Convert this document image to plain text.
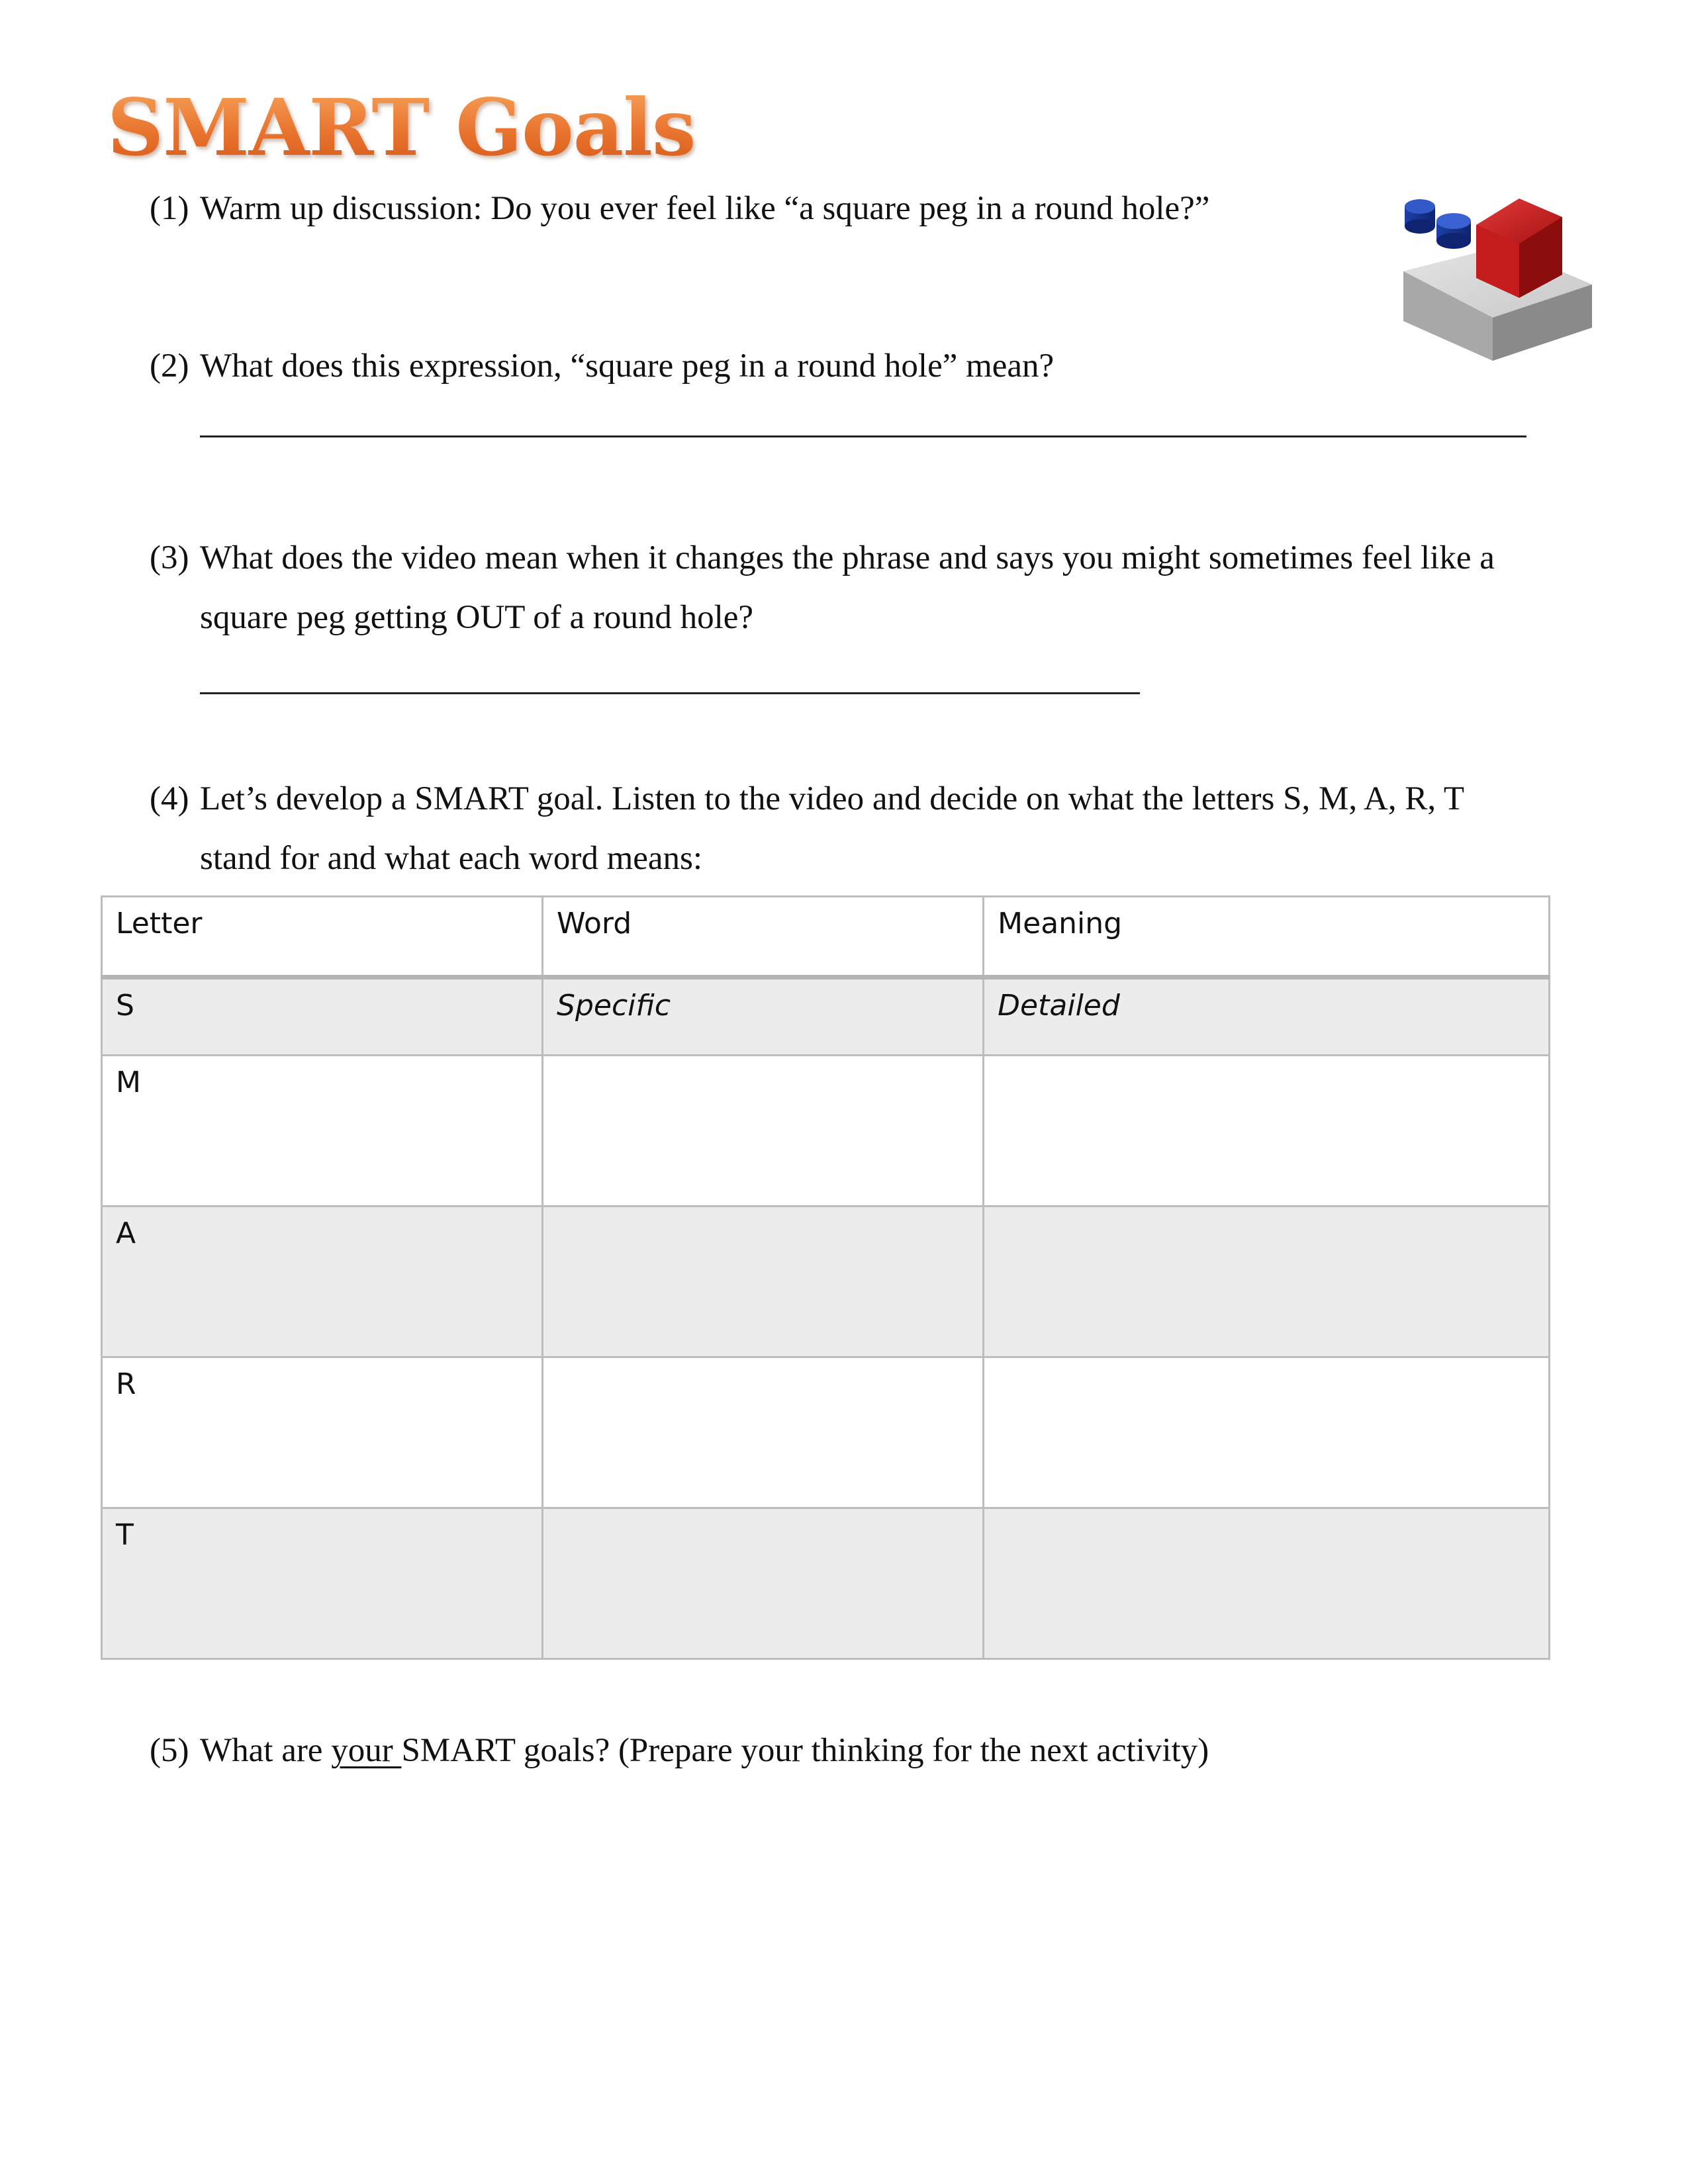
SMART Goals
(1) Warm up discussion: Do you ever feel like “a square peg in a round hole?”
(2) What does this expression, “square peg in a round hole” mean?
(3) What does the video mean when it changes the phrase and says you might sometimes feel like a
square peg getting OUT of a round hole?
(4) Let’s develop a SMART goal. Listen to the video and decide on what the letters S, M, A, R, T
stand for and what each word means:
Letter	Word	Meaning
S	Specific	Detailed
M		
A		
R		
T		
(5) What are your SMART goals? (Prepare your thinking for the next activity)
